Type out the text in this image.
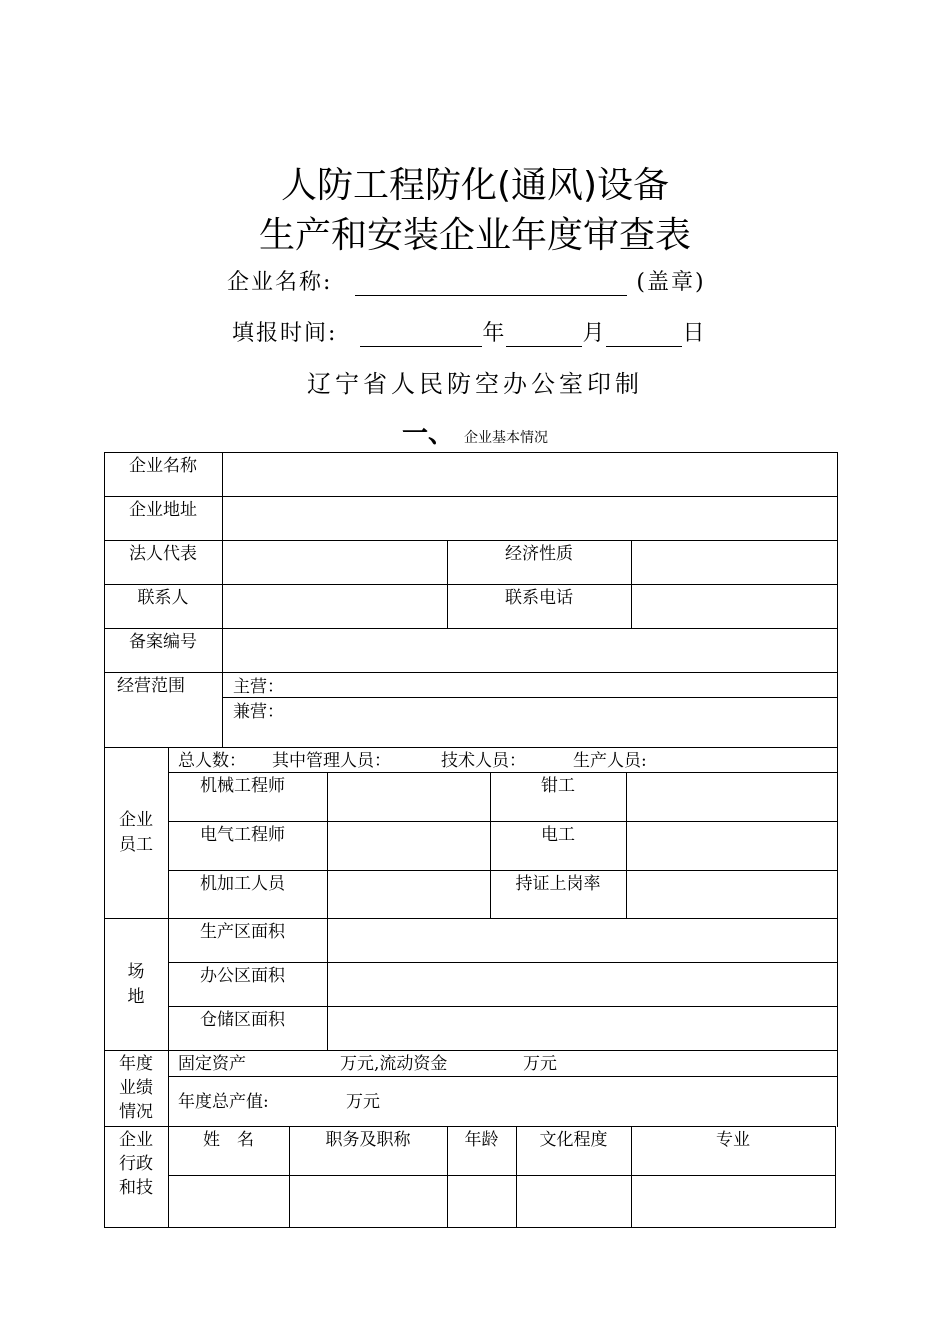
人防工程防化(通风)设备
生产和安装企业年度审查表
企业名称:	(盖章)
填报时间:	年	月	日
辽宁省人民防空办公室印制
一、 企业基本情况
企业名称
企业地址
法人代表	经济性质
联系人	联系电话
备案编号
经营范围	主营：
兼营：
企业员工
总人数： 其中管理人员：	技术人员：	生产人员:
机械工程师	钳工
电气工程师	电工
机加工人员	持证上岗率
场地
生产区面积
办公区面积
仓储区面积
年度业绩情况
固定资产	万元,流动资金	万元
年度总产值:	万元
企业行政和技
姓　名	职务及职称	年龄	文化程度	专业
